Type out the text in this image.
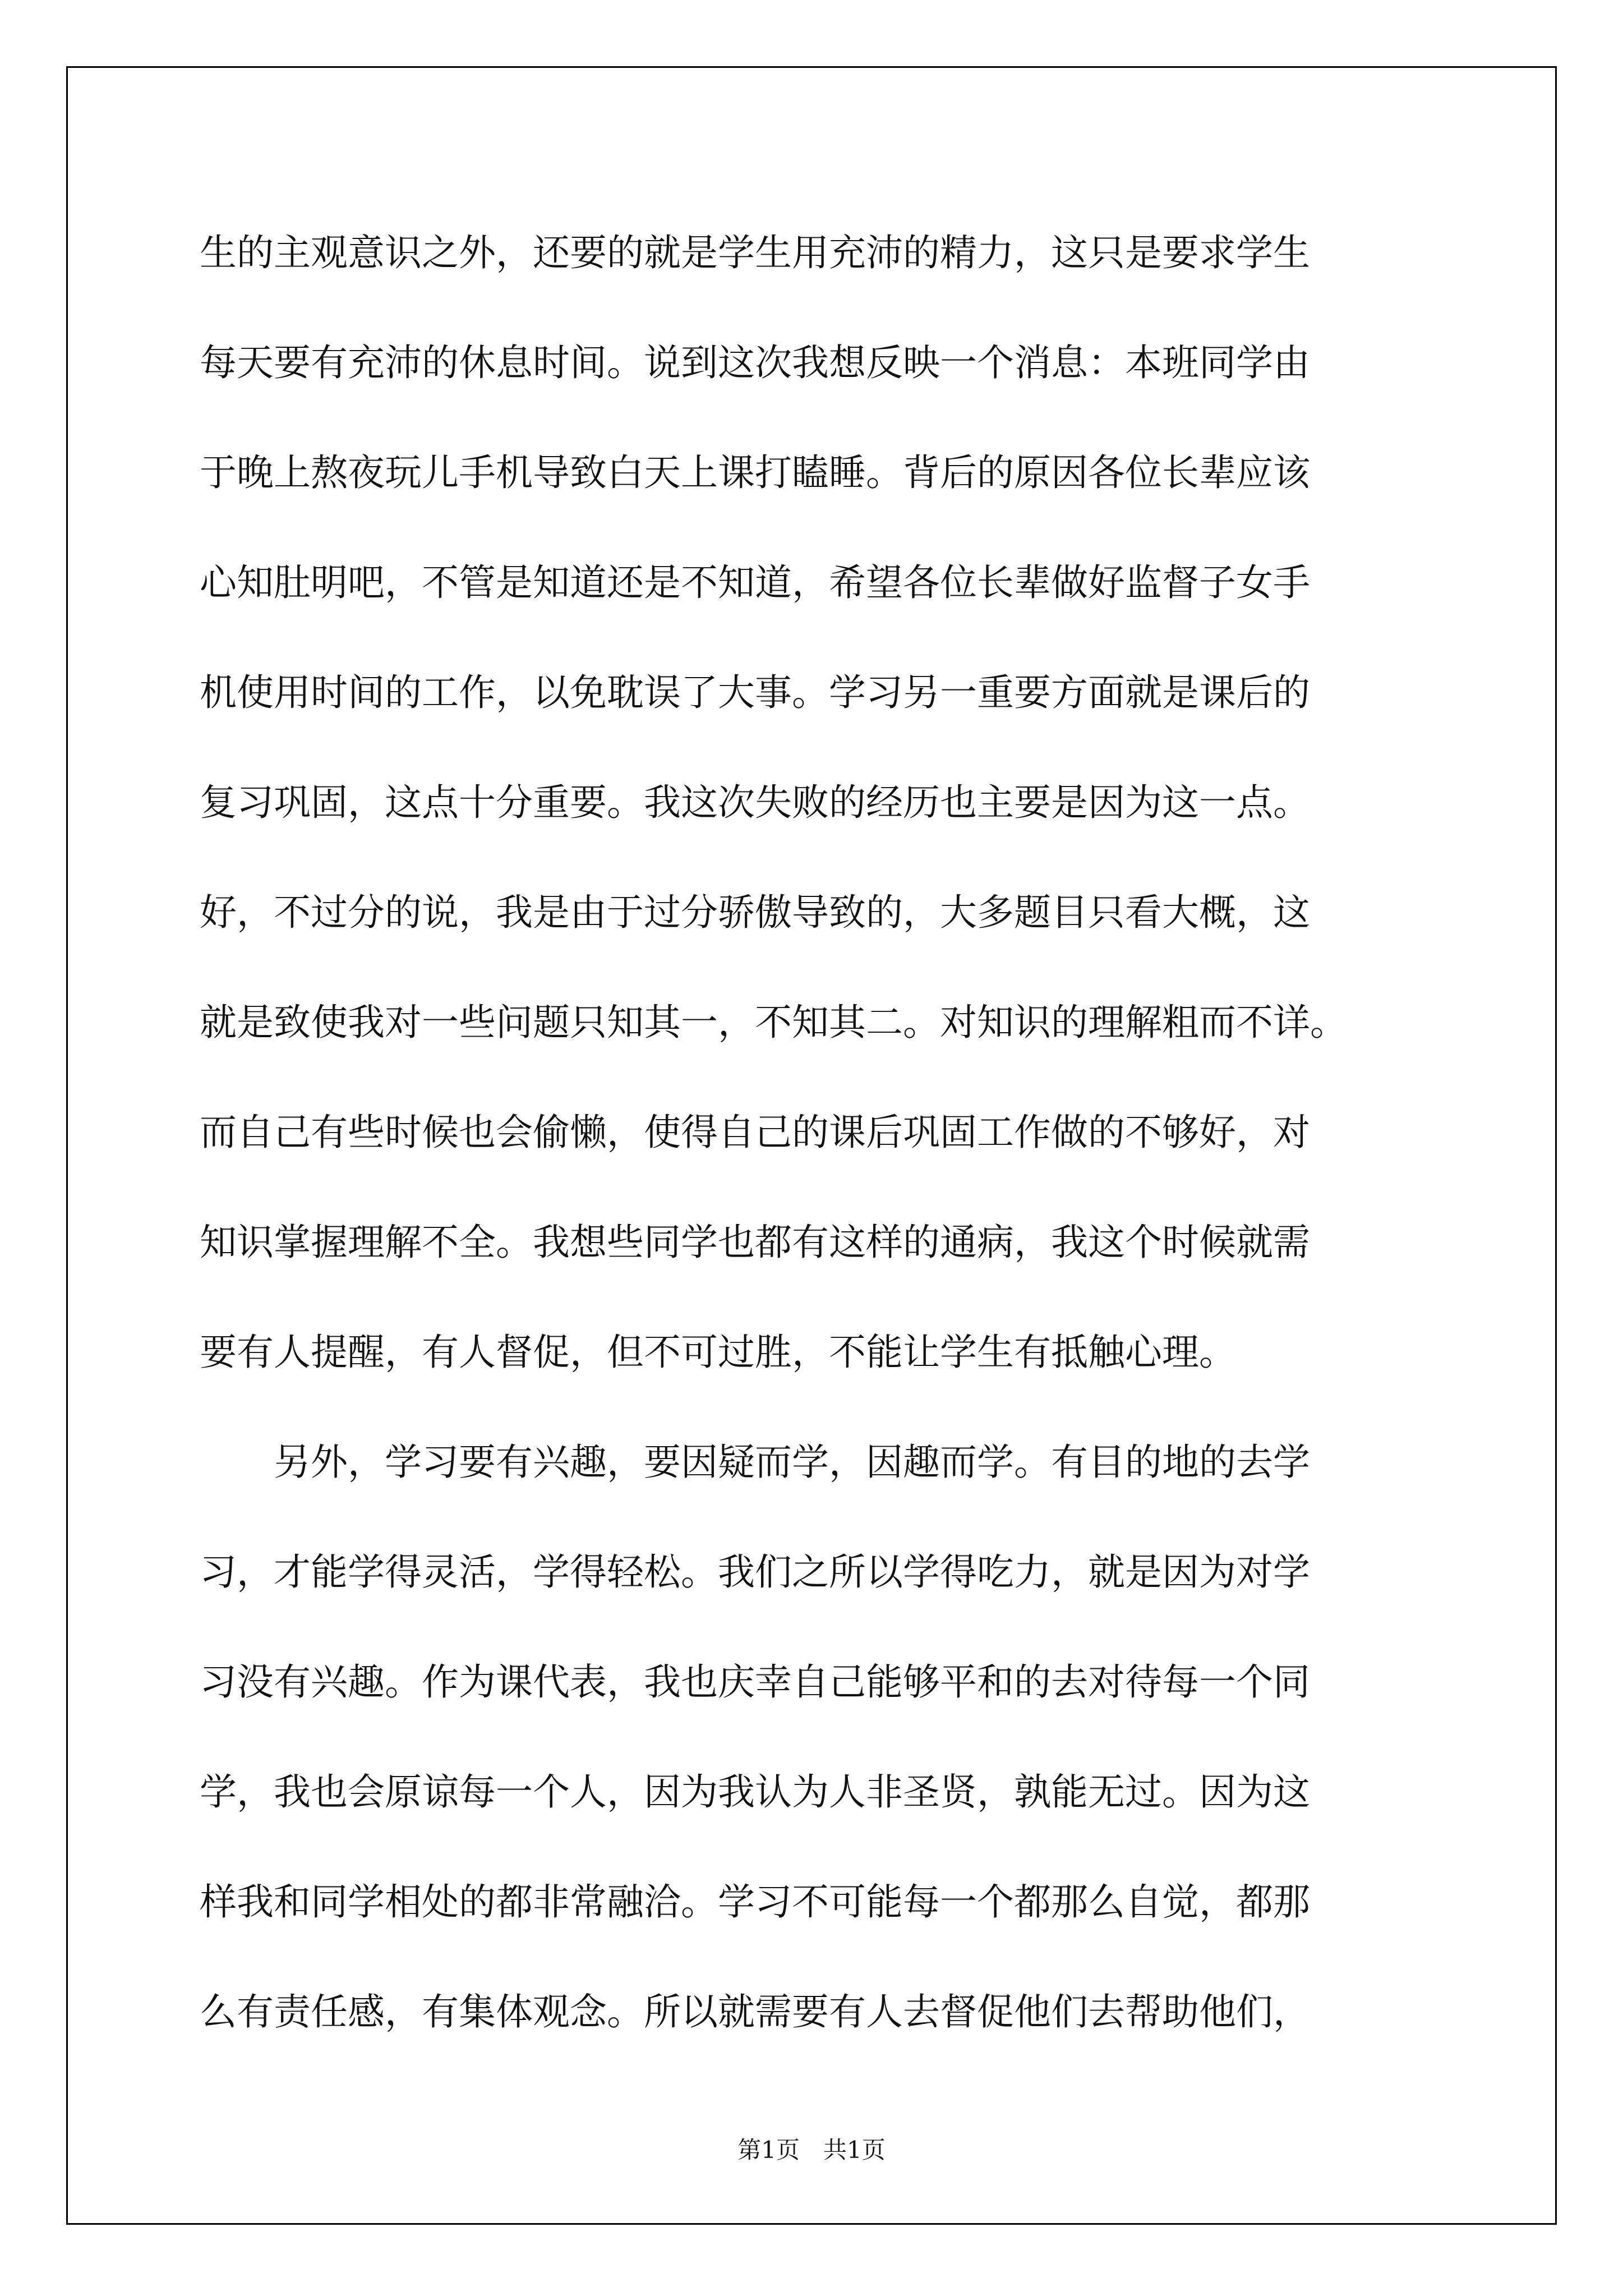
生的主观意识之外，还要的就是学生用充沛的精力，这只是要求学生
每天要有充沛的休息时间。说到这次我想反映一个消息：本班同学由
于晚上熬夜玩儿手机导致白天上课打瞌睡。背后的原因各位长辈应该
心知肚明吧，不管是知道还是不知道，希望各位长辈做好监督子女手
机使用时间的工作，以免耽误了大事。学习另一重要方面就是课后的
复习巩固，这点十分重要。我这次失败的经历也主要是因为这一点。
好，不过分的说，我是由于过分骄傲导致的，大多题目只看大概，这
就是致使我对一些问题只知其一，不知其二。对知识的理解粗而不详。
而自己有些时候也会偷懒，使得自己的课后巩固工作做的不够好，对
知识掌握理解不全。我想些同学也都有这样的通病，我这个时候就需
要有人提醒，有人督促，但不可过胜，不能让学生有抵触心理。
另外，学习要有兴趣，要因疑而学，因趣而学。有目的地的去学
习，才能学得灵活，学得轻松。我们之所以学得吃力，就是因为对学
习没有兴趣。作为课代表，我也庆幸自己能够平和的去对待每一个同
学，我也会原谅每一个人，因为我认为人非圣贤，孰能无过。因为这
样我和同学相处的都非常融洽。学习不可能每一个都那么自觉，都那
么有责任感，有集体观念。所以就需要有人去督促他们去帮助他们，
第1页　共1页
